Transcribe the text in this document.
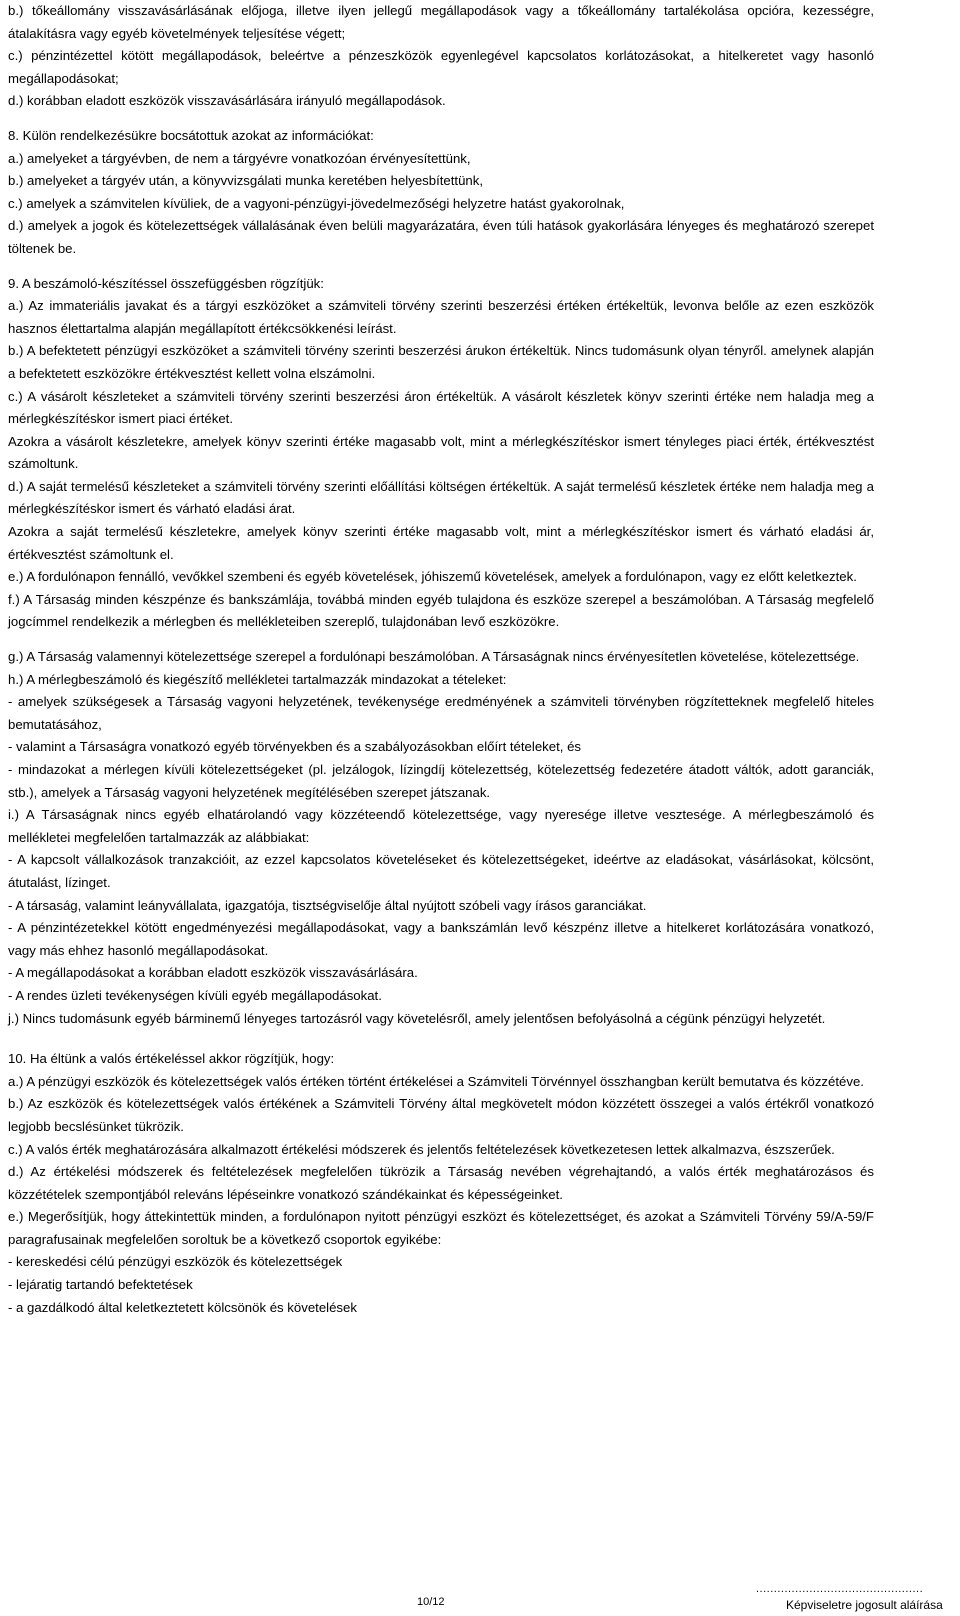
b.) tőkeállomány visszavásárlásának előjoga, illetve ilyen jellegű megállapodások vagy a tőkeállomány tartalékolása opcióra, kezességre, átalakításra vagy egyéb követelmények teljesítése végett;

c.) pénzintézettel kötött megállapodások, beleértve a pénzeszközök egyenlegével kapcsolatos korlátozásokat, a hitelkeretet vagy hasonló megállapodásokat;

d.) korábban eladott eszközök visszavásárlására irányuló megállapodások.

8. Külön rendelkezésükre bocsátottuk azokat az információkat:

a.) amelyeket a tárgyévben, de nem a tárgyévre vonatkozóan érvényesítettünk,

b.) amelyeket a tárgyév után, a könyvvizsgálati munka keretében helyesbítettünk,

c.) amelyek a számvitelen kívüliek, de a vagyoni-pénzügyi-jövedelmezőségi helyzetre hatást gyakorolnak,

d.) amelyek a jogok és kötelezettségek vállalásának éven belüli magyarázatára, éven túli hatások gyakorlására lényeges és meghatározó szerepet töltenek be.

9. A beszámoló-készítéssel összefüggésben rögzítjük:

a.) Az immateriális javakat és a tárgyi eszközöket a számviteli törvény szerinti beszerzési értéken értékeltük, levonva belőle az ezen eszközök hasznos élettartalma alapján megállapított értékcsökkenési leírást.

b.) A befektetett pénzügyi eszközöket a számviteli törvény szerinti beszerzési árukon értékeltük. Nincs tudomásunk olyan tényről. amelynek alapján a befektetett eszközökre értékvesztést kellett volna elszámolni.

c.) A vásárolt készleteket a számviteli törvény szerinti beszerzési áron értékeltük. A vásárolt készletek könyv szerinti értéke nem haladja meg a mérlegkészítéskor ismert piaci értéket.

Azokra a vásárolt készletekre, amelyek könyv szerinti értéke magasabb volt, mint a mérlegkészítéskor ismert tényleges piaci érték, értékvesztést számoltunk.

d.) A saját termelésű készleteket a számviteli törvény szerinti előállítási költségen értékeltük. A saját termelésű készletek értéke nem haladja meg a mérlegkészítéskor ismert és várható eladási árat.

Azokra a saját termelésű készletekre, amelyek könyv szerinti értéke magasabb volt, mint a mérlegkészítéskor ismert és várható eladási ár, értékvesztést számoltunk el.

e.) A fordulónapon fennálló, vevőkkel szembeni és egyéb követelések, jóhiszemű követelések, amelyek a fordulónapon, vagy ez előtt keletkeztek.

f.) A Társaság minden készpénze és bankszámlája, továbbá minden egyéb tulajdona és eszköze szerepel a beszámolóban. A Társaság megfelelő jogcímmel rendelkezik a mérlegben és mellékleteiben szereplő, tulajdonában levő eszközökre.

g.) A Társaság valamennyi kötelezettsége szerepel a fordulónapi beszámolóban. A Társaságnak nincs érvényesítetlen követelése, kötelezettsége.

h.) A mérlegbeszámoló és kiegészítő mellékletei tartalmazzák mindazokat a tételeket:

- amelyek szükségesek a Társaság vagyoni helyzetének, tevékenysége eredményének a számviteli törvényben rögzítetteknek megfelelő hiteles bemutatásához,

- valamint a Társaságra vonatkozó egyéb törvényekben és a szabályozásokban előírt tételeket, és

- mindazokat a mérlegen kívüli kötelezettségeket (pl. jelzálogok, lízingdíj kötelezettség, kötelezettség fedezetére átadott váltók, adott garanciák, stb.), amelyek a Társaság vagyoni helyzetének megítélésében szerepet játszanak.

i.) A Társaságnak nincs egyéb elhatárolandó vagy közzéteendő kötelezettsége, vagy nyeresége illetve vesztesége. A mérlegbeszámoló és mellékletei megfelelően tartalmazzák az alábbiakat:

- A kapcsolt vállalkozások tranzakcióit, az ezzel kapcsolatos követeléseket és kötelezettségeket, ideértve az eladásokat, vásárlásokat, kölcsönt, átutalást, lízinget.

- A társaság, valamint leányvállalata, igazgatója, tisztségviselője által nyújtott szóbeli vagy írásos garanciákat.

- A pénzintézetekkel kötött engedményezési megállapodásokat, vagy a bankszámlán levő készpénz illetve a hitelkeret korlátozására vonatkozó, vagy más ehhez hasonló megállapodásokat.

- A megállapodásokat a korábban eladott eszközök visszavásárlására.

- A rendes üzleti tevékenységen kívüli egyéb megállapodásokat.

j.) Nincs tudomásunk egyéb bárminemű lényeges tartozásról vagy követelésről, amely jelentősen befolyásolná a cégünk pénzügyi helyzetét.

10. Ha éltünk a valós értékeléssel akkor rögzítjük, hogy:

a.) A pénzügyi eszközök és kötelezettségek valós értéken történt értékelései a Számviteli Törvénnyel összhangban került bemutatva és közzétéve.

b.) Az eszközök és kötelezettségek valós értékének a Számviteli Törvény által megkövetelt módon közzétett összegei a valós értékről vonatkozó legjobb becslésünket tükrözik.

c.) A valós érték meghatározására alkalmazott értékelési módszerek és jelentős feltételezések következetesen lettek alkalmazva, észszerűek.

d.) Az értékelési módszerek és feltételezések megfelelően tükrözik a Társaság nevében végrehajtandó, a valós érték meghatározásos és közzétételek szempontjából releváns lépéseinkre vonatkozó szándékainkat és képességeinket.

e.) Megerősítjük, hogy áttekintettük minden, a fordulónapon nyitott pénzügyi eszközt és kötelezettséget, és azokat a Számviteli Törvény 59/A-59/F paragrafusainak megfelelően soroltuk be a következő csoportok egyikébe:

- kereskedési célú pénzügyi eszközök és kötelezettségek

- lejáratig tartandó befektetések

- a gazdálkodó által keletkeztetett kölcsönök és követelések

10/12
...............................................
Képviseletre jogosult aláírása
